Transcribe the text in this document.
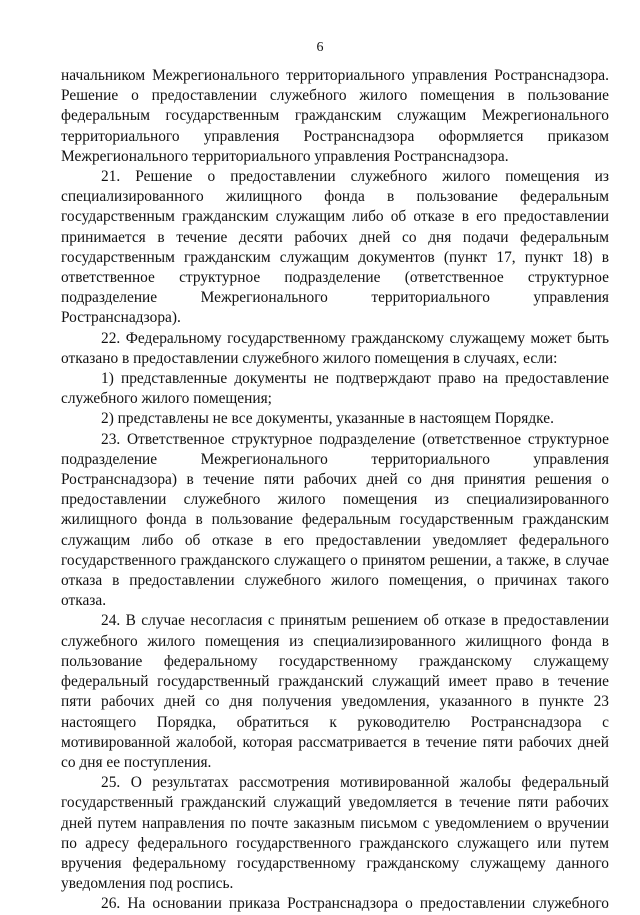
6

начальником Межрегионального территориального управления Ространснадзора. Решение о предоставлении служебного жилого помещения в пользование федеральным государственным гражданским служащим Межрегионального территориального управления Ространснадзора оформляется приказом Межрегионального территориального управления Ространснадзора.

21. Решение о предоставлении служебного жилого помещения из специализированного жилищного фонда в пользование федеральным государственным гражданским служащим либо об отказе в его предоставлении принимается в течение десяти рабочих дней со дня подачи федеральным государственным гражданским служащим документов (пункт 17, пункт 18) в ответственное структурное подразделение (ответственное структурное подразделение Межрегионального территориального управления Ространснадзора).

22. Федеральному государственному гражданскому служащему может быть отказано в предоставлении служебного жилого помещения в случаях, если:

1) представленные документы не подтверждают право на предоставление служебного жилого помещения;

2) представлены не все документы, указанные в настоящем Порядке.

23. Ответственное структурное подразделение (ответственное структурное подразделение Межрегионального территориального управления Ространснадзора) в течение пяти рабочих дней со дня принятия решения о предоставлении служебного жилого помещения из специализированного жилищного фонда в пользование федеральным государственным гражданским служащим либо об отказе в его предоставлении уведомляет федерального государственного гражданского служащего о принятом решении, а также, в случае отказа в предоставлении служебного жилого помещения, о причинах такого отказа.

24. В случае несогласия с принятым решением об отказе в предоставлении служебного жилого помещения из специализированного жилищного фонда в пользование федеральному государственному гражданскому служащему федеральный государственный гражданский служащий имеет право в течение пяти рабочих дней со дня получения уведомления, указанного в пункте 23 настоящего Порядка, обратиться к руководителю Ространснадзора с мотивированной жалобой, которая рассматривается в течение пяти рабочих дней со дня ее поступления.

25. О результатах рассмотрения мотивированной жалобы федеральный государственный гражданский служащий уведомляется в течение пяти рабочих дней путем направления по почте заказным письмом с уведомлением о вручении по адресу федерального государственного гражданского служащего или путем вручения федеральному государственному гражданскому служащему данного уведомления под роспись.

26. На основании приказа Ространснадзора о предоставлении служебного
